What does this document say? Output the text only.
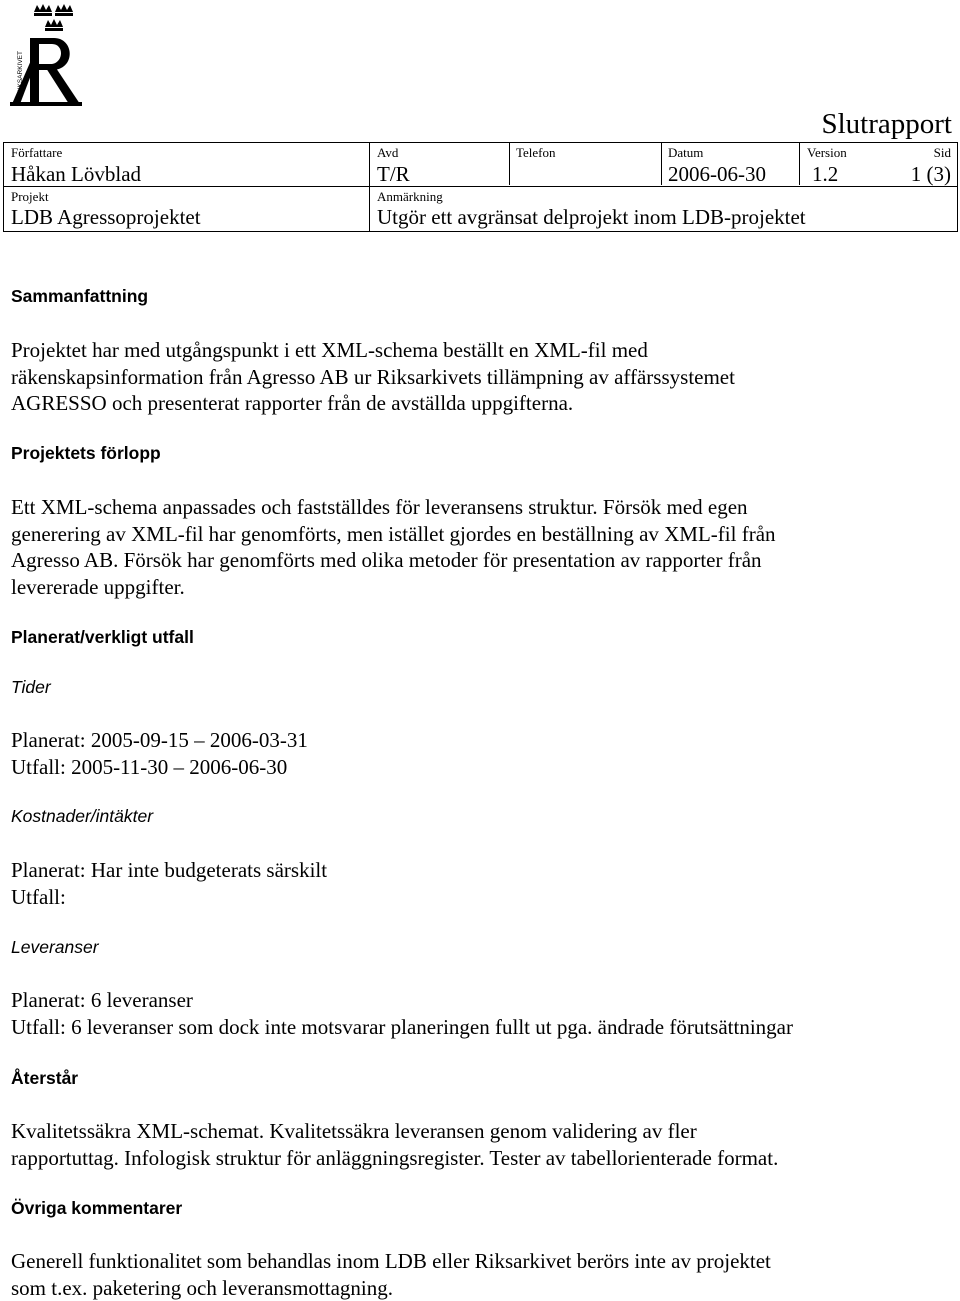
RIKSARKIVET
Slutrapport
Författare
Håkan Lövblad
Avd
T/R
Telefon	Datum
2006-06-30
Version
1.2
Sid
1 (3)
Projekt
LDB Agressoprojektet
Anmärkning
Utgör ett avgränsat delprojekt inom LDB-projektet
Sammanfattning
Projektet har med utgångspunkt i ett XML-schema beställt en XML-fil med
räkenskapsinformation från Agresso AB ur Riksarkivets tillämpning av affärssystemet
AGRESSO och presenterat rapporter från de avställda uppgifterna.
Projektets förlopp
Ett XML-schema anpassades och fastställdes för leveransens struktur. Försök med egen
generering av XML-fil har genomförts, men istället gjordes en beställning av XML-fil från
Agresso AB. Försök har genomförts med olika metoder för presentation av rapporter från
levererade uppgifter.
Planerat/verkligt utfall
Tider
Planerat: 2005-09-15 – 2006-03-31
Utfall: 2005-11-30 – 2006-06-30
Kostnader/intäkter
Planerat: Har inte budgeterats särskilt
Utfall:
Leveranser
Planerat: 6 leveranser
Utfall: 6 leveranser som dock inte motsvarar planeringen fullt ut pga. ändrade förutsättningar
Återstår
Kvalitetssäkra XML-schemat. Kvalitetssäkra leveransen genom validering av fler
rapportuttag. Infologisk struktur för anläggningsregister. Tester av tabellorienterade format.
Övriga kommentarer
Generell funktionalitet som behandlas inom LDB eller Riksarkivet berörs inte av projektet
som t.ex. paketering och leveransmottagning.
